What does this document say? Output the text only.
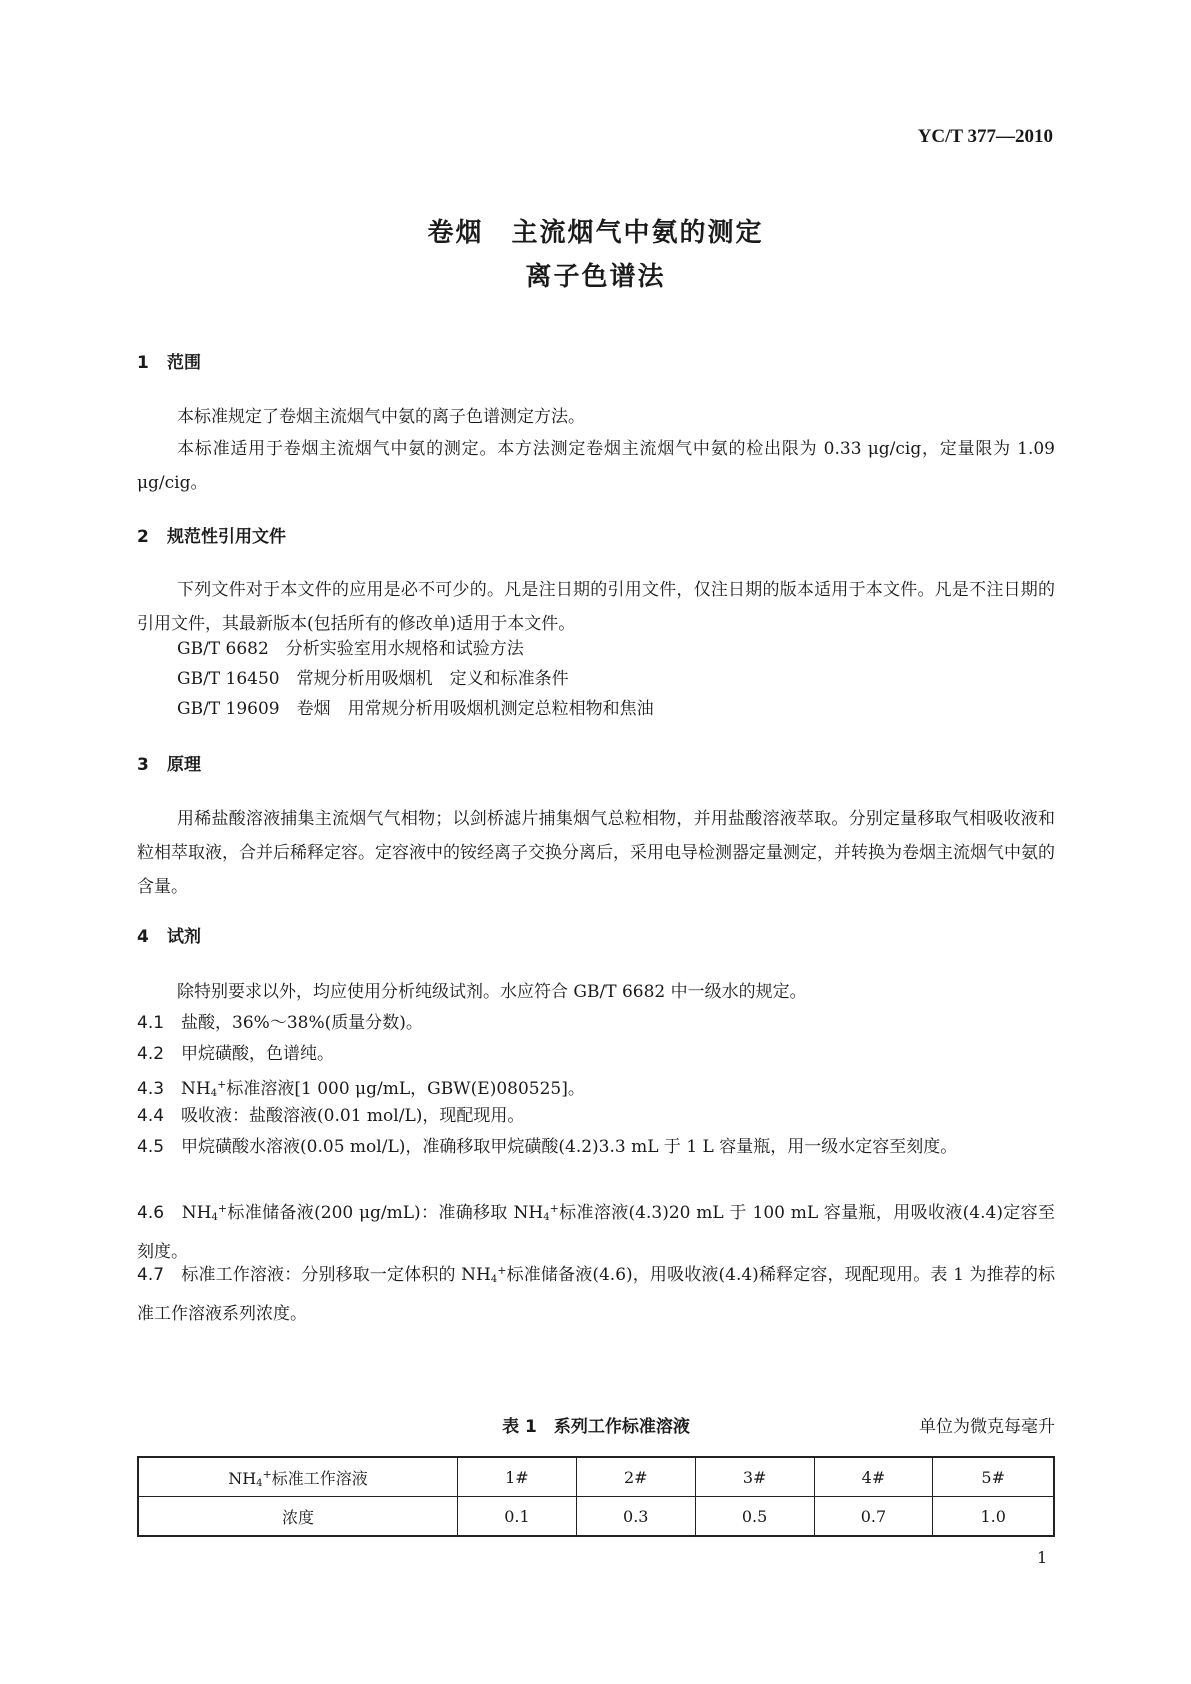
YC/T 377—2010
卷烟　主流烟气中氨的测定
离子色谱法
1 范围
本标准规定了卷烟主流烟气中氨的离子色谱测定方法。
本标准适用于卷烟主流烟气中氨的测定。本方法测定卷烟主流烟气中氨的检出限为 0.33 μg/cig，定量限为 1.09 μg/cig。
2 规范性引用文件
下列文件对于本文件的应用是必不可少的。凡是注日期的引用文件，仅注日期的版本适用于本文件。凡是不注日期的引用文件，其最新版本(包括所有的修改单)适用于本文件。
GB/T 6682　分析实验室用水规格和试验方法
GB/T 16450　常规分析用吸烟机　定义和标准条件
GB/T 19609　卷烟　用常规分析用吸烟机测定总粒相物和焦油
3 原理
用稀盐酸溶液捕集主流烟气气相物；以剑桥滤片捕集烟气总粒相物，并用盐酸溶液萃取。分别定量移取气相吸收液和粒相萃取液，合并后稀释定容。定容液中的铵经离子交换分离后，采用电导检测器定量测定，并转换为卷烟主流烟气中氨的含量。
4 试剂
除特别要求以外，均应使用分析纯级试剂。水应符合 GB/T 6682 中一级水的规定。
4.1　 盐酸，36%～38%(质量分数)。
4.2　 甲烷磺酸，色谱纯。
4.3　 $NH_4^+$标准溶液[1 000 μg/mL，GBW(E)080525]。
4.4　 吸收液：盐酸溶液(0.01 mol/L)，现配现用。
4.5　 甲烷磺酸水溶液(0.05 mol/L)，准确移取甲烷磺酸(4.2)3.3 mL 于 1 L 容量瓶，用一级水定容至刻度。
4.6　 $NH_4^+$标准储备液(200 μg/mL)：准确移取 $NH_4^+$标准溶液(4.3)20 mL 于 100 mL 容量瓶，用吸收液(4.4)定容至刻度。
4.7　 标准工作溶液：分别移取一定体积的 $NH_4^+$标准储备液(4.6)，用吸收液(4.4)稀释定容，现配现用。表 1 为推荐的标准工作溶液系列浓度。
表 1　系列工作标准溶液	单位为微克每毫升
$NH_4^+$标准工作溶液	1#	2#	3#	4#	5#
浓度	0.1	0.3	0.5	0.7	1.0
1
